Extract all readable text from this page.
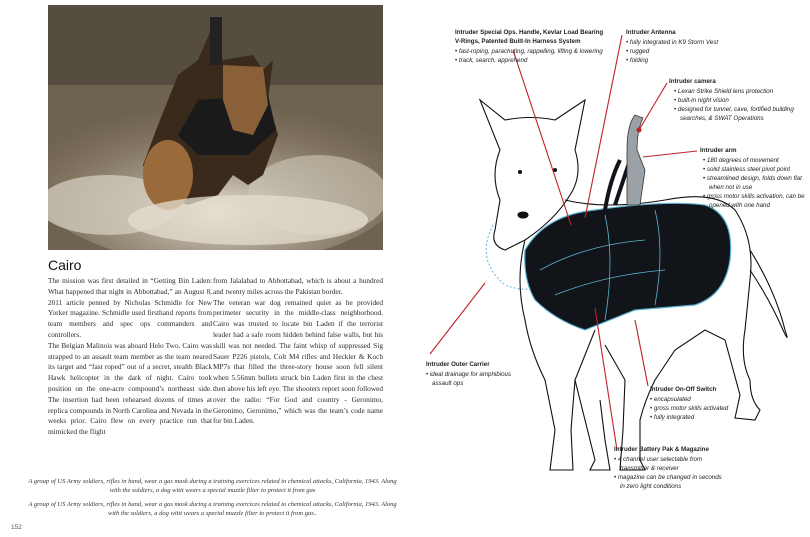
Cairo

The mission was first detailed in “Getting Bin Laden: What happened that night in Abbottabad,” an August 8, 2011 article penned by Nicholas Schmidle for New Yorker magazine. Schmidle used firsthand reports from team members and spec ops commanders and controllers.

The Belgian Malinois was aboard Helo Two. Cairo was strapped to an assault team member as the team neared its target and “fast roped” out of a secret, stealth Black Hawk helicopter in the dark of night. Cairo took position on the one-acre compound’s northeast side. The insertion had been rehearsed dozens of times at replica compounds in North Carolina and Nevada in the weeks prior. Cairo flew on every practice run that mimicked the flight

from Jalalabad to Abbottabad, which is about a hundred and twenty miles across the Pakistan border.

The veteran war dog remained quiet as he provided perimeter security in the middle-class neighborhood. Cairo was trusted to locate bin Laden if the terrorist leader had a safe room hidden behind false walls, but his skill was not needed. The faint whisp of suppressed Sig Sauer P226 pistols, Colt M4 rifles and Heckler & Koch MP7s that filled the three-story house soon fell silent when 5.56mm bullets struck bin Laden first in the chest then above his left eye. The shooters report soon followed over the radio: “For God and country - Geronimo, Geronimo, Geronimo,” which was the team’s code name for bin Laden.

A group of US Army soldiers, rifles in hand, wear a gas mask during a training exercices related to chemical attacks, California, 1943. Along with the soldiers, a dog witit wears a special muzzle filter to protect it from gas
A group of US Army soldiers, rifles in hand, wear a gas mask during a training exercices related to chemical attacks, California, 1943. Along with the soldiers, a dog witit wears a special muzzle filter to protect it from gas..
152
Intruder Special Ops. Handle, Kevlar Load Bearing V-Rings, Patented Built-In Harness System
• fast-roping, parachuting, rappelling, lifting & lowering
• track, search, apprehend
Intruder Antenna
• fully integrated in K9 Storm Vest
• rugged
• folding
Intruder camera
• Lexan Strike Shield lens protection
• built-in night vision
• designed for tunnel, cave, fortified building searches, & SWAT Operations
Intruder arm
• 180 degrees of movement
• solid stainless steel pivot point
• streamlined design, folds down flat when not in use
• gross motor skills activation, can be opened with one hand
Intruder Outer Carrier
• ideal drainage for amphibious assault ops
Intruder On-Off Switch
• encapsulated
• gross motor skills activated
• fully integrated
Intruder Battery Pak & Magazine
• 4 channel user selectable from transmitter & receiver
• magazine can be changed in seconds in zero light conditions
